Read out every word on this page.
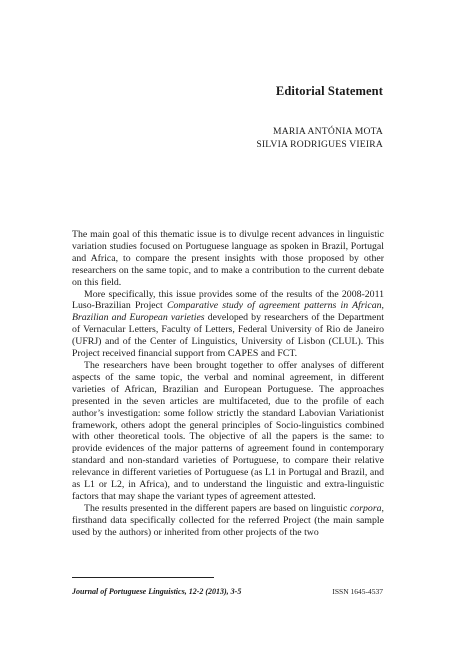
Editorial Statement
MARIA ANTÓNIA MOTA
SILVIA RODRIGUES VIEIRA

The main goal of this thematic issue is to divulge recent advances in linguistic variation studies focused on Portuguese language as spoken in Brazil, Portugal and Africa, to compare the present insights with those proposed by other researchers on the same topic, and to make a contribution to the current debate on this field.

More specifically, this issue provides some of the results of the 2008-2011 Luso-Brazilian Project Comparative study of agreement patterns in African, Brazilian and European varieties developed by researchers of the Department of Vernacular Letters, Faculty of Letters, Federal University of Rio de Janeiro (UFRJ) and of the Center of Linguistics, University of Lisbon (CLUL). This Project received financial support from CAPES and FCT.

The researchers have been brought together to offer analyses of different aspects of the same topic, the verbal and nominal agreement, in different varieties of African, Brazilian and European Portuguese. The approaches presented in the seven articles are multifaceted, due to the profile of each author’s investigation: some follow strictly the standard Labovian Variationist framework, others adopt the general principles of Socio-linguistics combined with other theoretical tools. The objective of all the papers is the same: to provide evidences of the major patterns of agreement found in contemporary standard and non-standard varieties of Portuguese, to compare their relative relevance in different varieties of Portuguese (as L1 in Portugal and Brazil, and as L1 or L2, in Africa), and to understand the linguistic and extra-linguistic factors that may shape the variant types of agreement attested.

The results presented in the different papers are based on linguistic corpora, firsthand data specifically collected for the referred Project (the main sample used by the authors) or inherited from other projects of the two

Journal of Portuguese Linguistics, 12-2 (2013), 3-5	ISSN 1645-4537
